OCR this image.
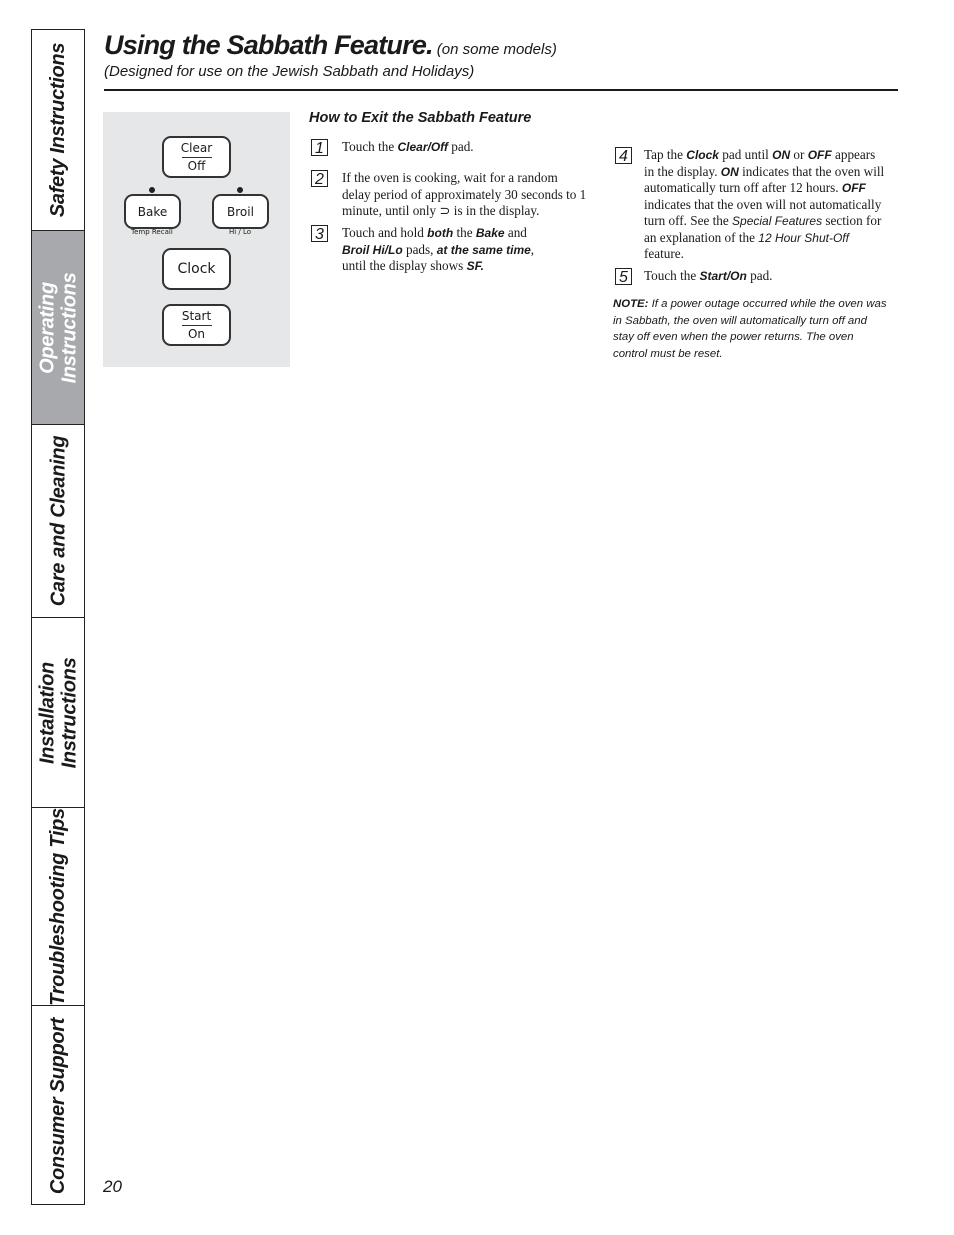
Safety Instructions
Operating Instructions
Care and Cleaning
Installation Instructions
Troubleshooting Tips
Consumer Support
Using the Sabbath Feature. (on some models)
(Designed for use on the Jewish Sabbath and Holidays)
Clear
Off
Bake
Temp Recall
Broil
Hi / Lo
Clock
Start
On
How to Exit the Sabbath Feature
1	Touch the Clear/Off pad.
2	If the oven is cooking, wait for a random delay period of approximately 30 seconds to 1 minute, until only ⊃ is in the display.
3	Touch and hold both the Bake and
Broil Hi/Lo pads, at the same time,
until the display shows SF.
4	Tap the Clock pad until ON or OFF appears in the display. ON indicates that the oven will automatically turn off after 12 hours. OFF indicates that the oven will not automatically turn off. See the Special Features section for an explanation of the 12 Hour Shut-Off feature.
5	Touch the Start/On pad.
NOTE: If a power outage occurred while the oven was in Sabbath, the oven will automatically turn off and stay off even when the power returns. The oven control must be reset.
20
